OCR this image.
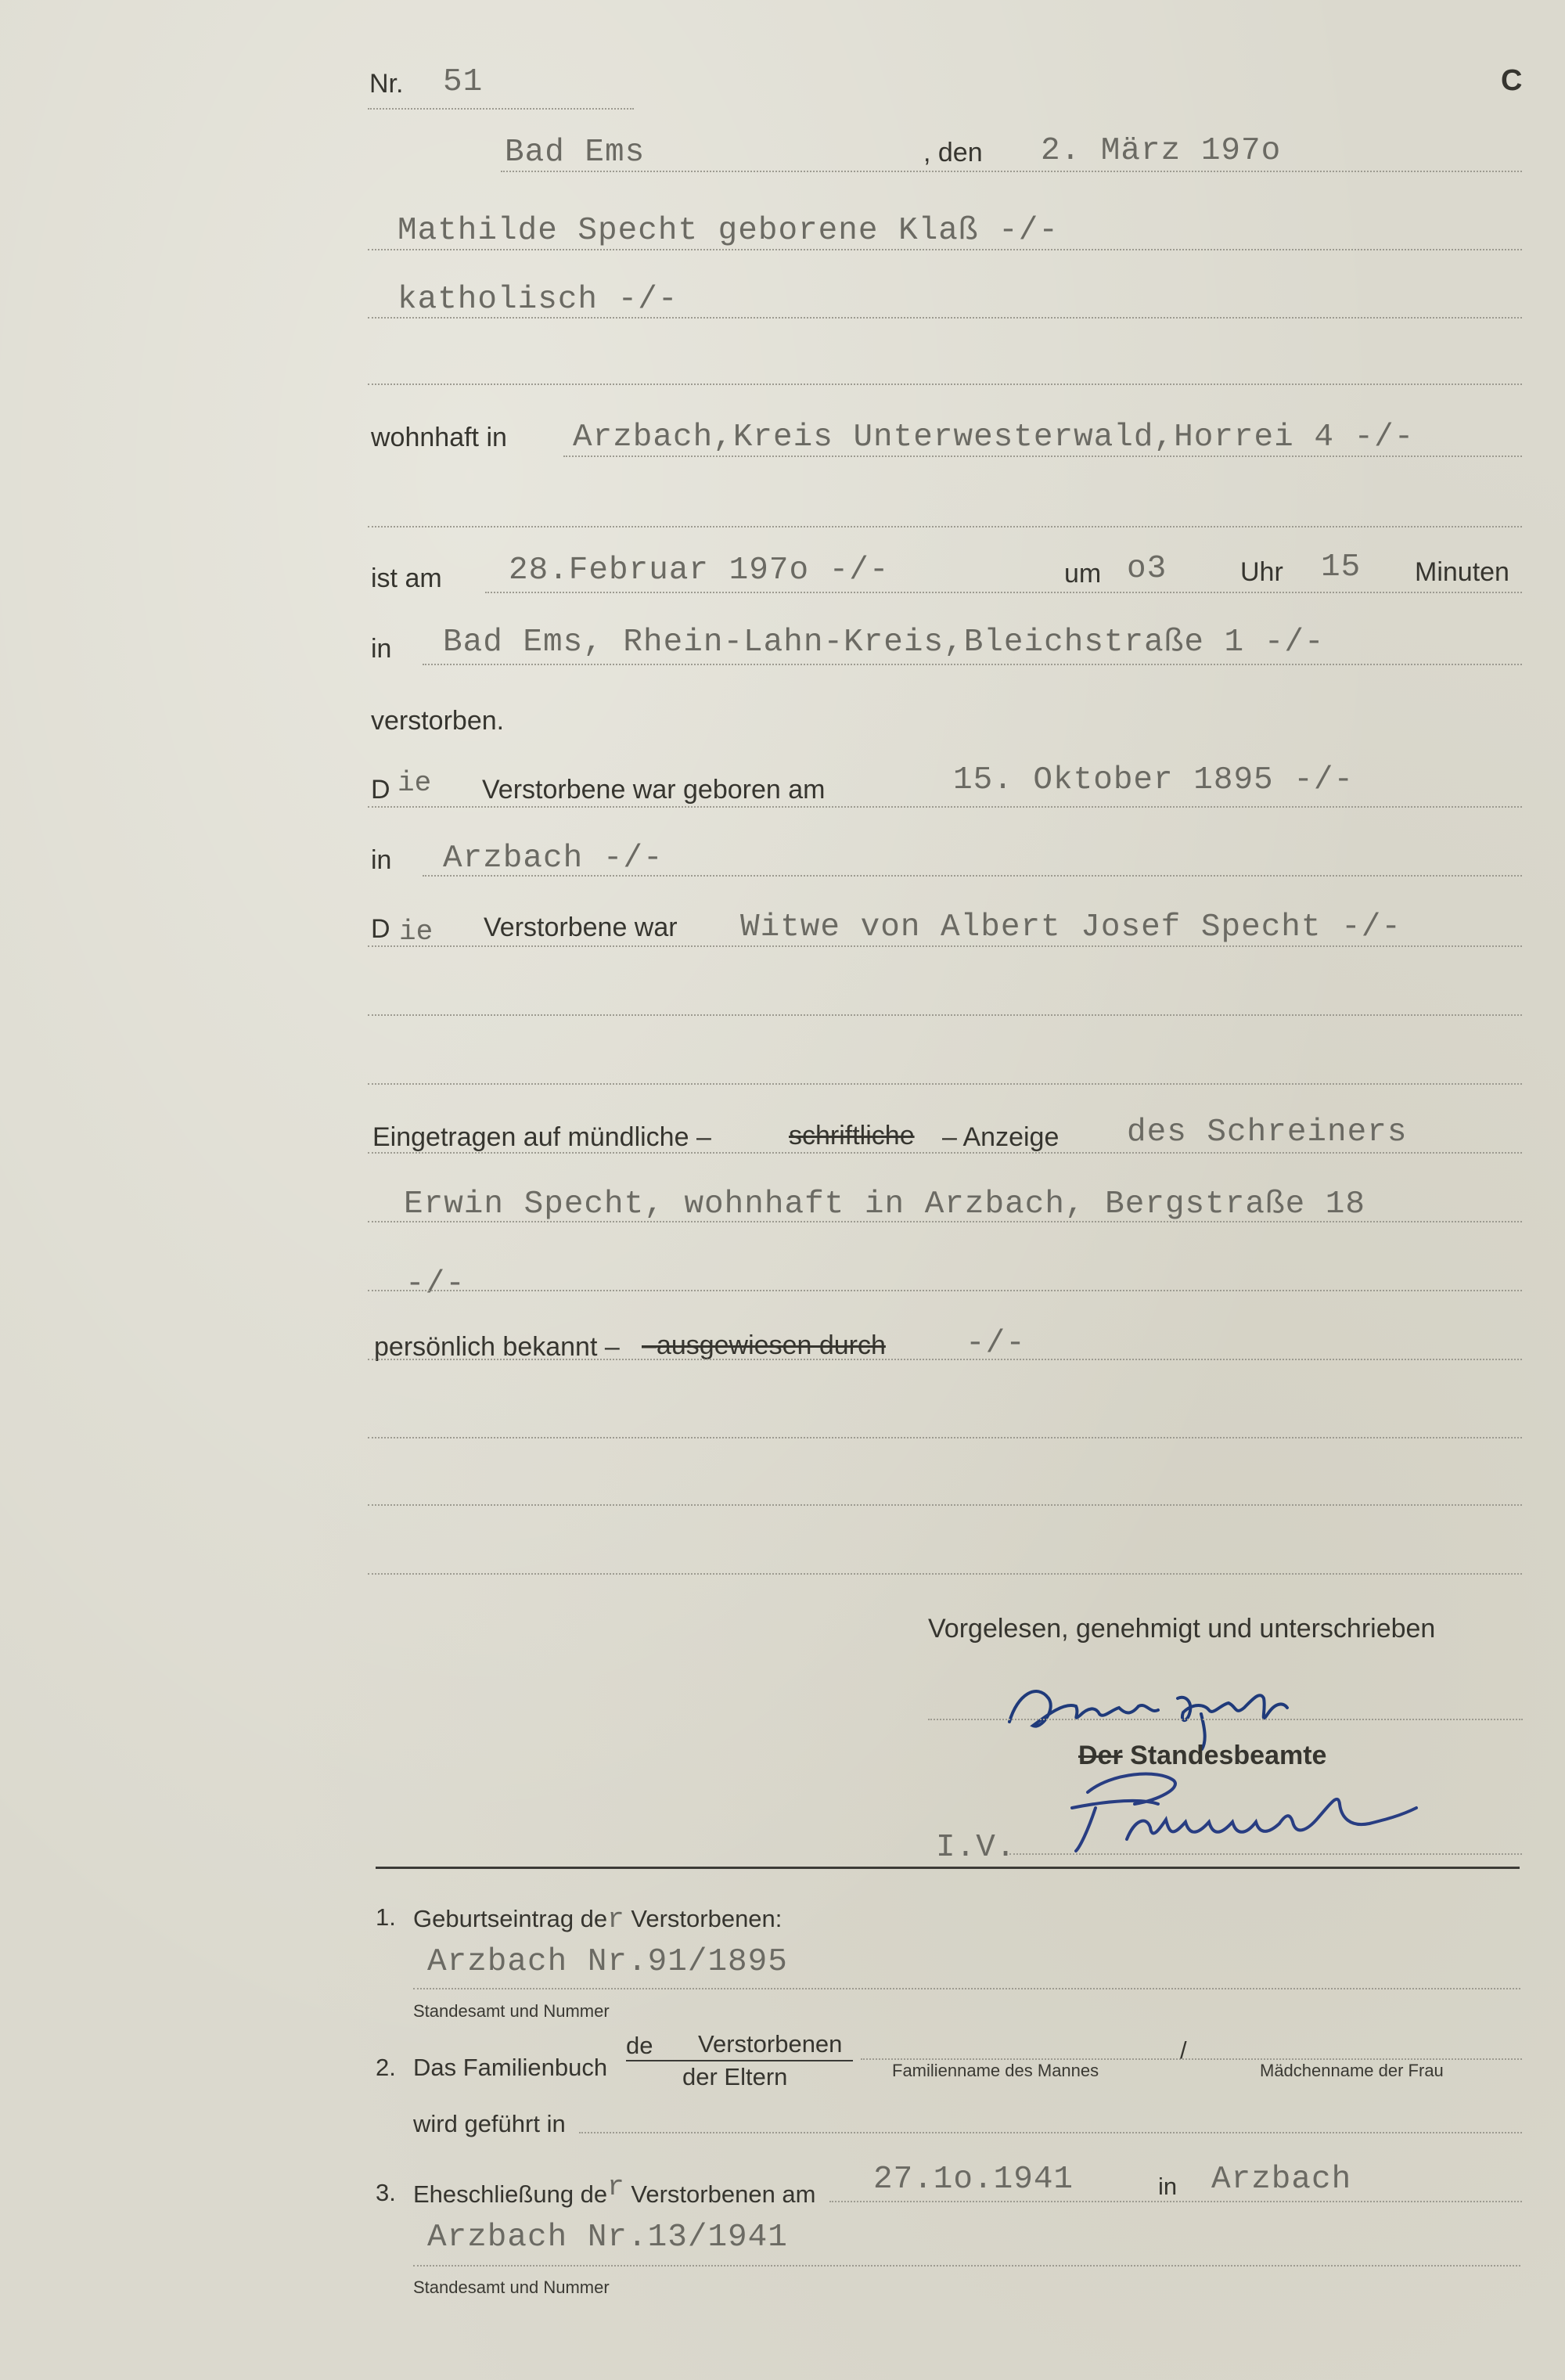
Nr. 51	C
Bad Ems	, den 2. März 197o
Mathilde Specht geborene Klaß -/-
katholisch -/-
wohnhaft in Arzbach,Kreis Unterwesterwald,Horrei 4 -/-
ist am 28.Februar 197o -/-	um o3	Uhr 15 Minuten
in Bad Ems, Rhein-Lahn-Kreis,Bleichstraße 1 -/-
verstorben.
D ie Verstorbene war geboren am	15. Oktober 1895 -/-
in Arzbach -/-
D ie Verstorbene war Witwe von Albert Josef Specht -/-
Eingetragen auf mündliche –	schriftliche – Anzeige des Schreiners
Erwin Specht, wohnhaft in Arzbach, Bergstraße 18
-/-
persönlich bekannt – –ausgewiesen durch -/-
Vorgelesen, genehmigt und unterschrieben
Der Standesbeamte
I.V.
1. Geburtseintrag der Verstorbenen:
Arzbach Nr.91/1895
Standesamt und Nummer
2. Das Familienbuch
de Verstorbenen
der Eltern	Familienname des Mannes
/
Mädchenname der Frau
wird geführt in
3. Eheschließung der Verstorbenen am 27.1o.1941	in Arzbach
Arzbach Nr.13/1941
Standesamt und Nummer
